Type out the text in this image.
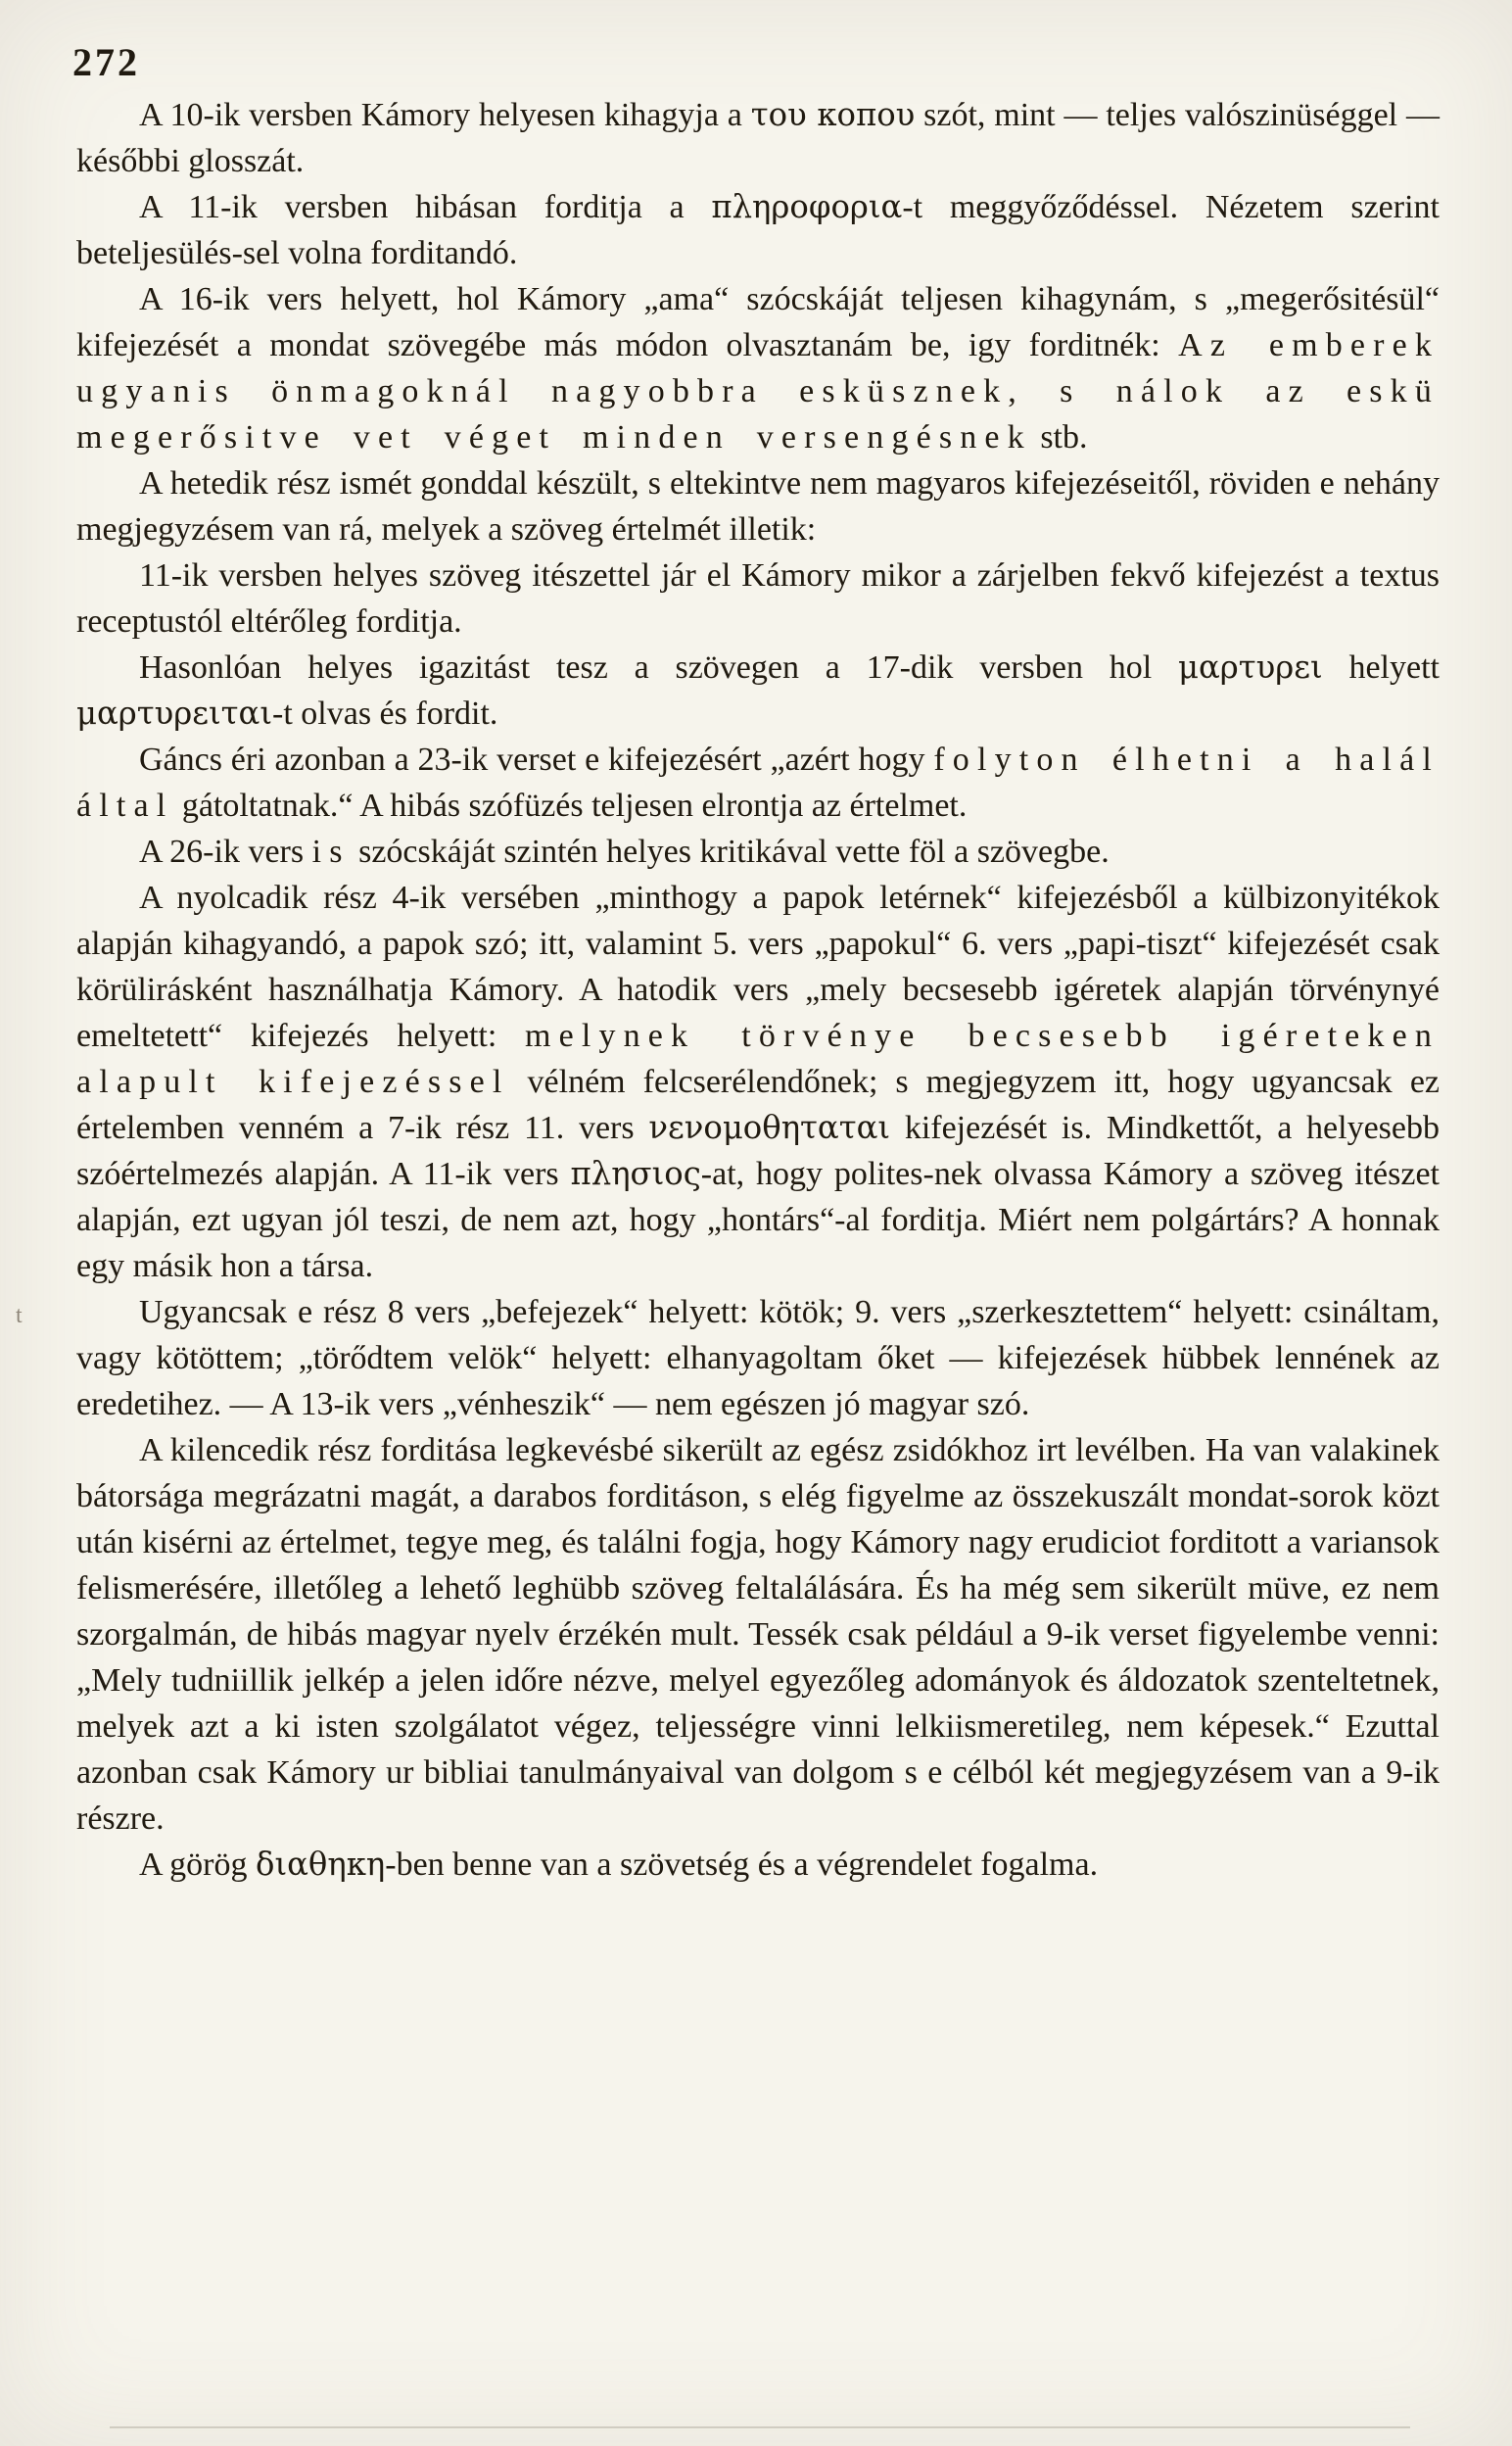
272

A 10-ik versben Kámory helyesen kihagyja a του κοπου szót, mint — teljes valószinüséggel — későbbi glosszát.

A 11-ik versben hibásan forditja a πληροφορια-t meggyőződéssel. Nézetem szerint beteljesülés-sel volna forditandó.

A 16-ik vers helyett, hol Kámory „ama“ szócskáját teljesen kihagynám, s „megerősitésül“ kifejezését a mondat szövegébe más módon olvasztanám be, igy forditnék: Az emberek ugyanis önmagoknál nagyobbra esküsznek, s nálok az eskü megerősitve vet véget minden versengésnek stb.

A hetedik rész ismét gonddal készült, s eltekintve nem magyaros kifejezéseitől, röviden e nehány megjegyzésem van rá, melyek a szöveg értelmét illetik:

11-ik versben helyes szöveg itészettel jár el Kámory mikor a zárjelben fekvő kifejezést a textus receptustól eltérőleg forditja.

Hasonlóan helyes igazitást tesz a szövegen a 17-dik versben hol μαρτυρει helyett μαρτυρειται-t olvas és fordit.

Gáncs éri azonban a 23-ik verset e kifejezésért „azért hogy folyton élhetni a halál által gátoltatnak.“ A hibás szófüzés teljesen elrontja az értelmet.

A 26-ik vers is szócskáját szintén helyes kritikával vette föl a szövegbe.

A nyolcadik rész 4-ik versében „minthogy a papok letérnek“ kifejezésből a külbizonyitékok alapján kihagyandó, a papok szó; itt, valamint 5. vers „papokul“ 6. vers „papi-tiszt“ kifejezését csak körülirásként használhatja Kámory. A hatodik vers „mely becsesebb igéretek alapján törvénynyé emeltetett“ kifejezés helyett: melynek törvénye becsesebb igéreteken alapult kifejezéssel vélném felcserélendőnek; s megjegyzem itt, hogy ugyancsak ez értelemben venném a 7-ik rész 11. vers νενομοθηταται kifejezését is. Mindkettőt, a helyesebb szóértelmezés alapján. A 11-ik vers πλησιος-at, hogy polites-nek olvassa Kámory a szöveg itészet alapján, ezt ugyan jól teszi, de nem azt, hogy „hontárs“-al forditja. Miért nem polgártárs? A honnak egy másik hon a társa.

Ugyancsak e rész 8 vers „befejezek“ helyett: kötök; 9. vers „szerkesztettem“ helyett: csináltam, vagy kötöttem; „törődtem velök“ helyett: elhanyagoltam őket — kifejezések hübbek lennének az eredetihez. — A 13-ik vers „vénheszik“ — nem egészen jó magyar szó.

A kilencedik rész forditása legkevésbé sikerült az egész zsidókhoz irt levélben. Ha van valakinek bátorsága megrázatni magát, a darabos forditáson, s elég figyelme az összekuszált mondat-sorok közt után kisérni az értelmet, tegye meg, és találni fogja, hogy Kámory nagy erudiciot forditott a variansok felismerésére, illetőleg a lehető leghübb szöveg feltalálására. És ha még sem sikerült müve, ez nem szorgalmán, de hibás magyar nyelv érzékén mult. Tessék csak például a 9-ik verset figyelembe venni: „Mely tudniillik jelkép a jelen időre nézve, melyel egyezőleg adományok és áldozatok szenteltetnek, melyek azt a ki isten szolgálatot végez, teljességre vinni lelkiismeretileg, nem képesek.“ Ezuttal azonban csak Kámory ur bibliai tanulmányaival van dolgom s e célból két megjegyzésem van a 9-ik részre.

A görög διαθηκη-ben benne van a szövetség és a végrendelet fogalma.

t
